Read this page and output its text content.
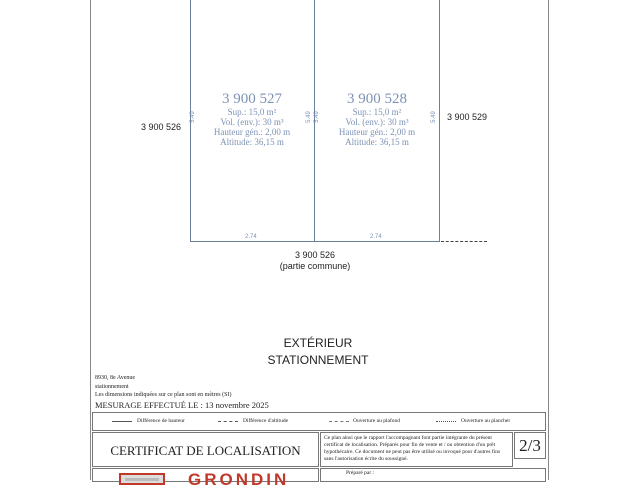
3 900 527
Sup.: 15,0 m²
Vol. (env.): 30 m³
Hauteur gén.: 2,00 m
Altitude: 36,15 m
3 900 528
Sup.: 15,0 m²
Vol. (env.): 30 m³
Hauteur gén.: 2,00 m
Altitude: 36,15 m
5.49	5.49 5.49	5.49
2.74	2.74
3 900 526
3 900 529
3 900 526
(partie commune)
EXTÉRIEUR
STATIONNEMENT
8930, 8e Avenue
stationnement
Les dimensions indiquées sur ce plan sont en mètres (SI)
MESURAGE EFFECTUÉ LE : 13 novembre 2025
Différence de hauteur	Différence d'altitude	Ouverture au plafond	Ouverture au plancher
CERTIFICAT DE LOCALISATION
Ce plan ainsi que le rapport l'accompagnant font partie intégrante du présent certificat de localisation. Préparés pour fin de vente et / ou obtention d'un prêt hypothécaire. Ce document ne peut pas être utilisé ou invoqué pour d'autres fins sans l'autorisation écrite du soussigné.
2/3
GRONDIN	Préparé par :
